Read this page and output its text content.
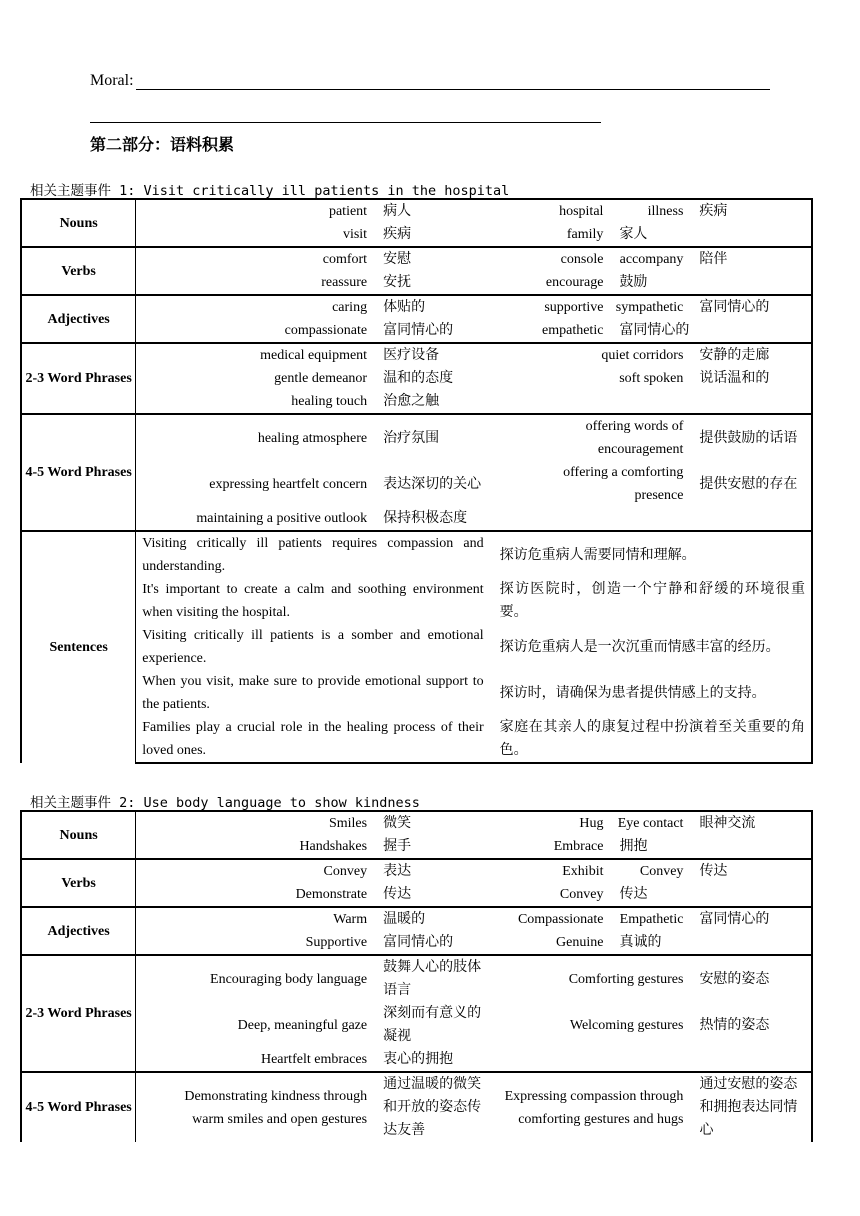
Moral:
第二部分：语料积累
相关主题事件 1: Visit critically ill patients in the hospital
Nouns	patient	病人	hospital	illness	疾病
	visit	疾病	family	家人	
Verbs	comfort	安慰	console	accompany	陪伴
	reassure	安抚	encourage	鼓励	
Adjectives	caring	体贴的	supportive	sympathetic	富同情心的
	compassionate	富同情心的	empathetic	富同情心的	
2-3 Word Phrases	medical equipment	医疗设备	quiet corridors		安静的走廊
	gentle demeanor	温和的态度	soft spoken		说话温和的
	healing touch	治愈之触			
4-5 Word Phrases	healing atmosphere	治疗氛围	offering words of encouragement		提供鼓励的话语
	expressing heartfelt concern	表达深切的关心	offering a comforting presence		提供安慰的存在
	maintaining a positive outlook	保持积极态度			
Sentences	Visiting critically ill patients requires compassion and understanding.		探访危重病人需要同情和理解。		
	It's important to create a calm and soothing environment when visiting the hospital.		探访医院时，创造一个宁静和舒缓的环境很重要。		
	Visiting critically ill patients is a somber and emotional experience.		探访危重病人是一次沉重而情感丰富的经历。		
	When you visit, make sure to provide emotional support to the patients.		探访时，请确保为患者提供情感上的支持。		
	Families play a crucial role in the healing process of their loved ones.		家庭在其亲人的康复过程中扮演着至关重要的角色。		
相关主题事件 2: Use body language to show kindness
Nouns	Smiles	微笑	Hug	Eye contact	眼神交流
	Handshakes	握手	Embrace	拥抱	
Verbs	Convey	表达	Exhibit	Convey	传达
	Demonstrate	传达	Convey	传达	
Adjectives	Warm	温暖的	Compassionate	Empathetic	富同情心的
	Supportive	富同情心的	Genuine	真诚的	
2-3 Word Phrases	Encouraging body language	鼓舞人心的肢体语言	Comforting gestures		安慰的姿态
	Deep, meaningful gaze	深刻而有意义的凝视	Welcoming gestures		热情的姿态
	Heartfelt embraces	衷心的拥抱			
4-5 Word Phrases	Demonstrating kindness through warm smiles and open gestures	通过温暖的微笑和开放的姿态传达友善	Expressing compassion through comforting gestures and hugs		通过安慰的姿态和拥抱表达同情心
